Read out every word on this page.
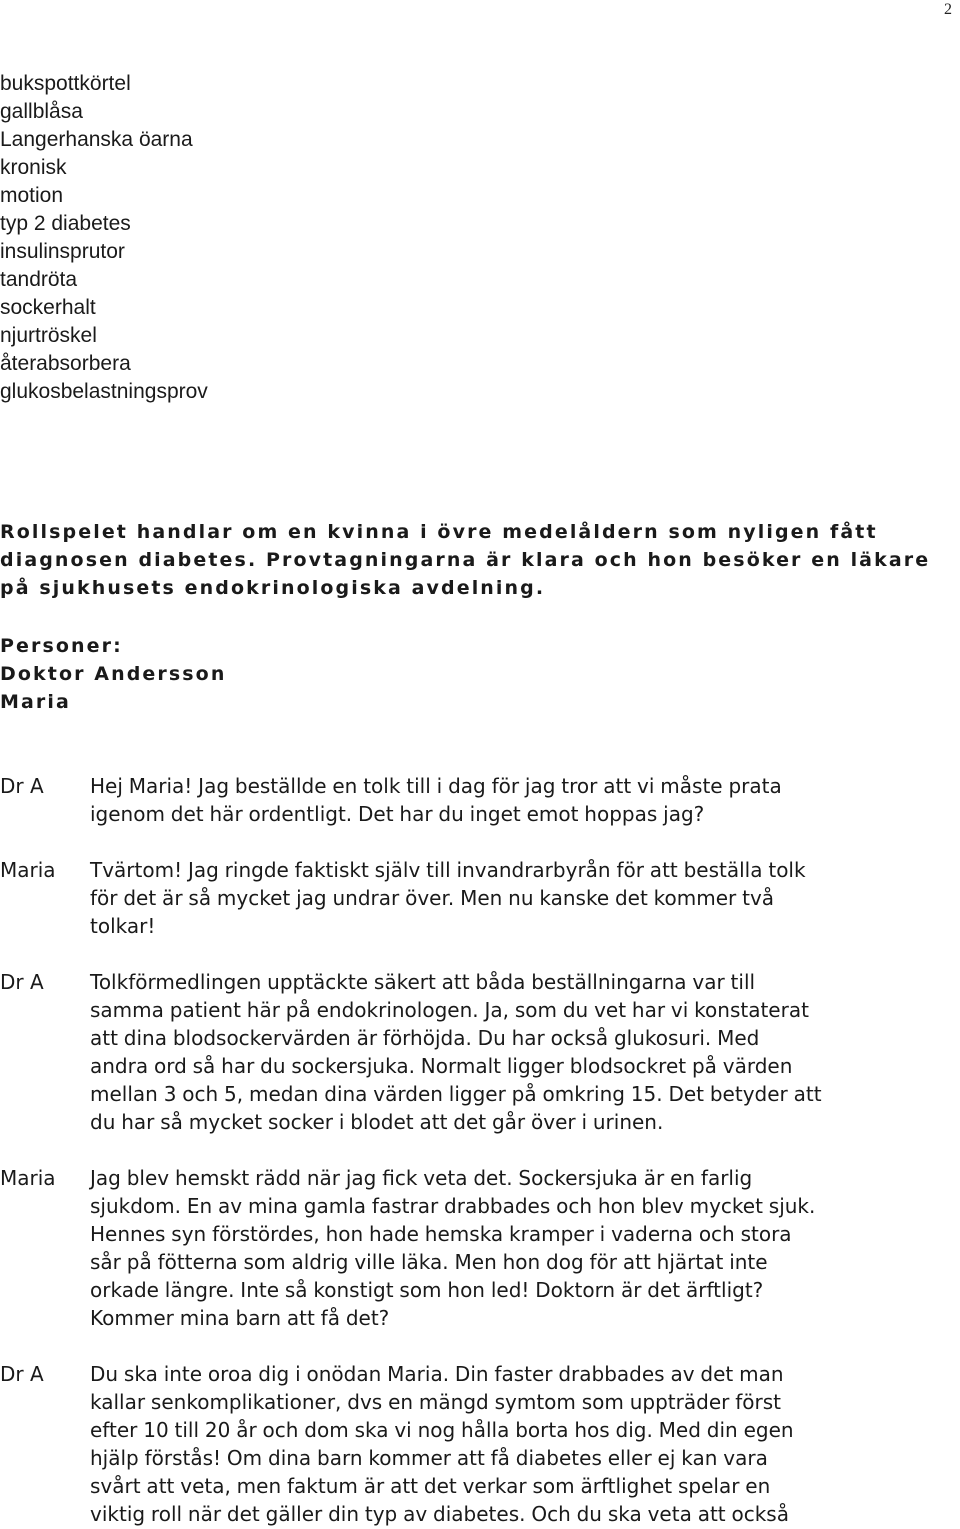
2
bukspottkörtel
gallblåsa
Langerhanska öarna
kronisk
motion
typ 2 diabetes
insulinsprutor
tandröta
sockerhalt
njurtröskel
återabsorbera
glukosbelastningsprov

Rollspelet handlar om en kvinna i övre medelåldern som nyligen fått diagnosen diabetes. Provtagningarna är klara och hon besöker en läkare på sjukhusets endokrinologiska avdelning.

Personer:
Doktor Andersson
Maria
Dr A Hej Maria! Jag beställde en tolk till i dag för jag tror att vi måste prata
igenom det här ordentligt. Det har du inget emot hoppas jag?
Maria Tvärtom! Jag ringde faktiskt själv till invandrarbyrån för att beställa tolk
för det är så mycket jag undrar över. Men nu kanske det kommer två
tolkar!
Dr A Tolkförmedlingen upptäckte säkert att båda beställningarna var till
samma patient här på endokrinologen. Ja, som du vet har vi konstaterat
att dina blodsockervärden är förhöjda. Du har också glukosuri. Med
andra ord så har du sockersjuka. Normalt ligger blodsockret på värden
mellan 3 och 5, medan dina värden ligger på omkring 15. Det betyder att
du har så mycket socker i blodet att det går över i urinen.
Maria Jag blev hemskt rädd när jag fick veta det. Sockersjuka är en farlig
sjukdom. En av mina gamla fastrar drabbades och hon blev mycket sjuk.
Hennes syn förstördes, hon hade hemska kramper i vaderna och stora
sår på fötterna som aldrig ville läka. Men hon dog för att hjärtat inte
orkade längre. Inte så konstigt som hon led! Doktorn är det ärftligt?
Kommer mina barn att få det?
Dr A Du ska inte oroa dig i onödan Maria. Din faster drabbades av det man
kallar senkomplikationer, dvs en mängd symtom som uppträder först
efter 10 till 20 år och dom ska vi nog hålla borta hos dig. Med din egen
hjälp förstås! Om dina barn kommer att få diabetes eller ej kan vara
svårt att veta, men faktum är att det verkar som ärftlighet spelar en
viktig roll när det gäller din typ av diabetes. Och du ska veta att också
